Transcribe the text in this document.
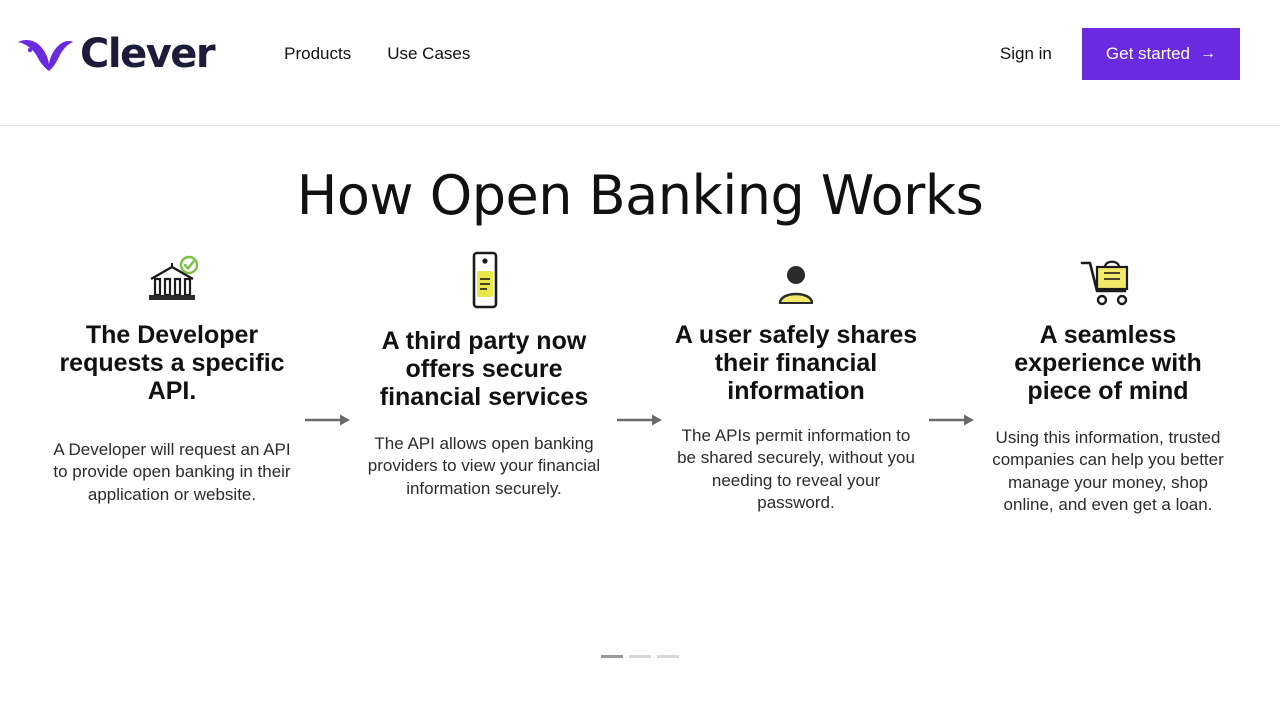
Clever	Products Use Cases	Sign in	Get started →
How Open Banking Works
The Developer requests a specific API.

A Developer will request an API to provide open banking in their application or website.

A third party now offers secure financial services

The API allows open banking providers to view your financial information securely.

A user safely shares their financial information

The APIs permit information to be shared securely, without you needing to reveal your password.

A seamless experience with piece of mind

Using this information, trusted companies can help you better manage your money, shop online, and even get a loan.
